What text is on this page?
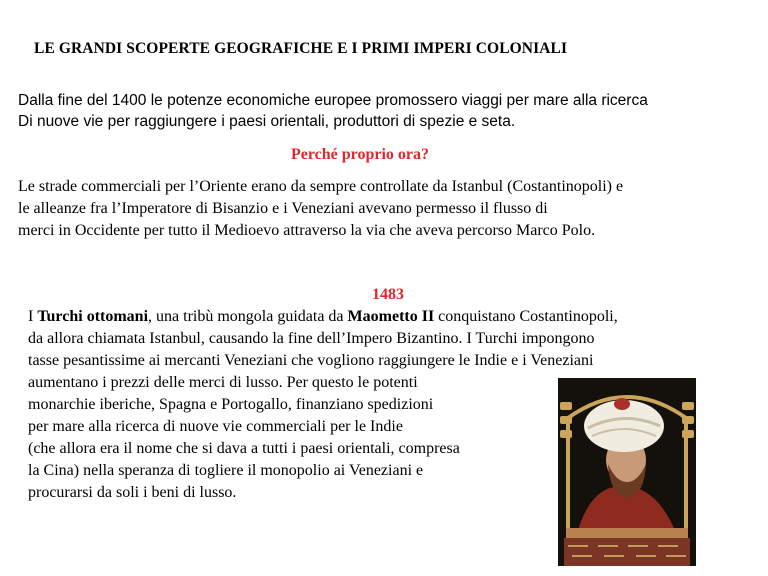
LE GRANDI SCOPERTE GEOGRAFICHE E I PRIMI IMPERI COLONIALI
Dalla fine del 1400 le potenze economiche europee promossero viaggi per mare alla ricerca
Di nuove vie per raggiungere i paesi orientali, produttori di spezie e seta.
Perché proprio ora?
Le strade commerciali per l’Oriente erano da sempre controllate da Istanbul (Costantinopoli) e
le alleanze fra l’Imperatore di Bisanzio e i Veneziani avevano permesso il flusso di
merci in Occidente per tutto il Medioevo attraverso la via che aveva percorso Marco Polo.
1483
I Turchi ottomani, una tribù mongola guidata da Maometto II conquistano Costantinopoli,
da allora chiamata Istanbul, causando la fine dell’Impero Bizantino. I Turchi impongono
tasse pesantissime ai mercanti Veneziani che vogliono raggiungere le Indie e i Veneziani
aumentano i prezzi delle merci di lusso. Per questo le potenti
monarchie iberiche, Spagna e Portogallo, finanziano spedizioni
per mare alla ricerca di nuove vie commerciali per le Indie
(che allora era il nome che si dava a tutti i paesi orientali, compresa
la Cina) nella speranza di togliere il monopolio ai Veneziani e
procurarsi da soli i beni di lusso.
